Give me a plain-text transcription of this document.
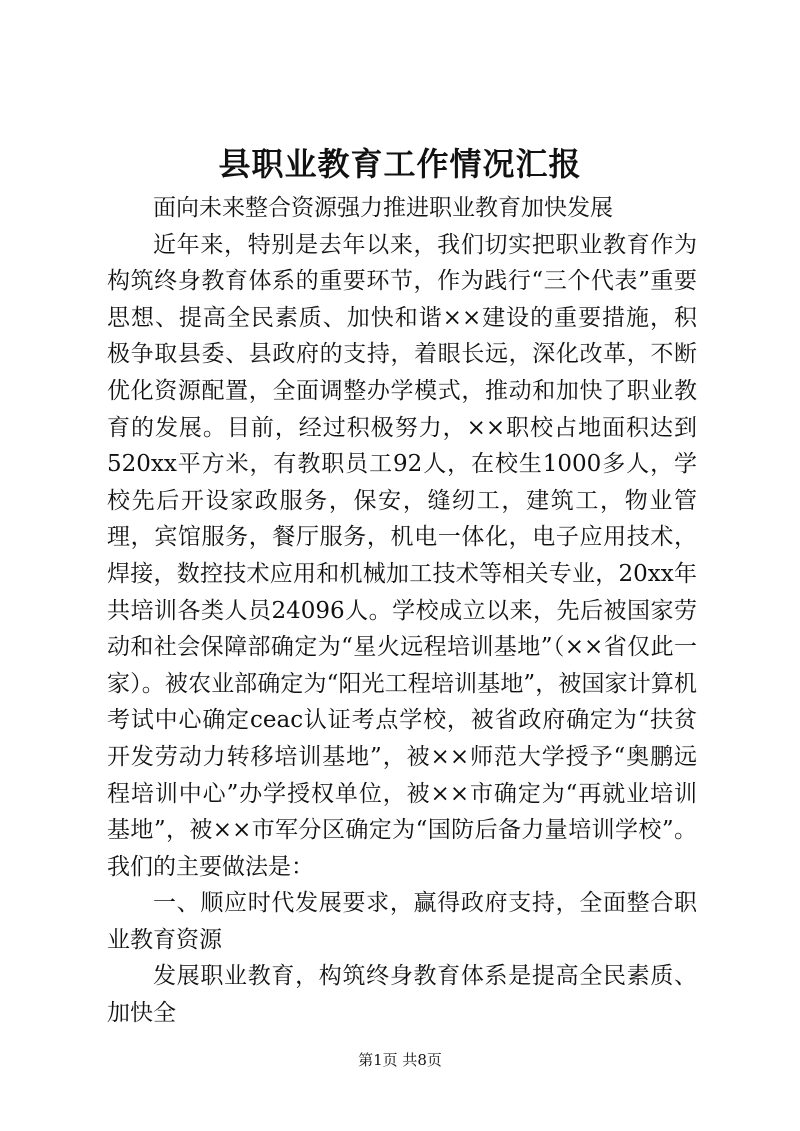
县职业教育工作情况汇报

面向未来整合资源强力推进职业教育加快发展

近年来，特别是去年以来，我们切实把职业教育作为构筑终身教育体系的重要环节，作为践行“三个代表”重要思想、提高全民素质、加快和谐××建设的重要措施，积极争取县委、县政府的支持，着眼长远，深化改革，不断优化资源配置，全面调整办学模式，推动和加快了职业教育的发展。目前，经过积极努力，××职校占地面积达到520xx平方米，有教职员工92人，在校生1000多人，学校先后开设家政服务，保安，缝纫工，建筑工，物业管理，宾馆服务，餐厅服务，机电一体化，电子应用技术，焊接，数控技术应用和机械加工技术等相关专业，20xx年共培训各类人员24096人。学校成立以来，先后被国家劳动和社会保障部确定为“星火远程培训基地”（××省仅此一家）。被农业部确定为“阳光工程培训基地”，被国家计算机考试中心确定ceac认证考点学校，被省政府确定为“扶贫开发劳动力转移培训基地”，被××师范大学授予“奥鹏远程培训中心”办学授权单位，被××市确定为“再就业培训基地”，被××市军分区确定为“国防后备力量培训学校”。我们的主要做法是：

一、顺应时代发展要求，赢得政府支持，全面整合职业教育资源

发展职业教育，构筑终身教育体系是提高全民素质、加快全

第1页 共8页
